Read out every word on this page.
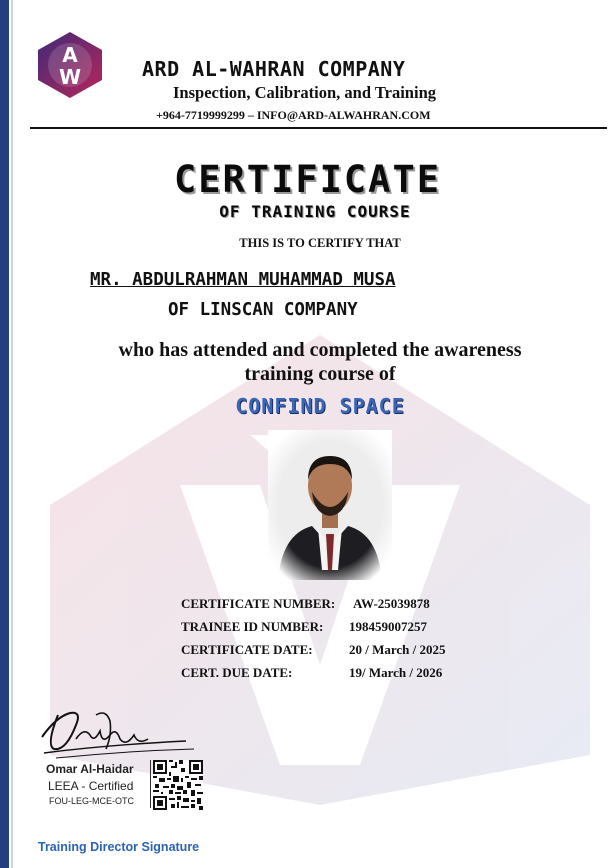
A
W	ARD AL-WAHRAN COMPANY
Inspection, Calibration, and Training
+964-7719999299 – INFO@ARD-ALWAHRAN.COM
CERTIFICATE
OF TRAINING COURSE
THIS IS TO CERTIFY THAT
MR. ABDULRAHMAN MUHAMMAD MUSA
OF LINSCAN COMPANY
who has attended and completed the awareness
training course of
CONFIND SPACE
CERTIFICATE NUMBER: AW-25039878
TRAINEE ID NUMBER: 198459007257
CERTIFICATE DATE:	20 / March / 2025
CERT. DUE DATE:	19/ March / 2026
Omar Al-Haidar
LEEA - Certified
FOU-LEG-MCE-OTC
Training Director Signature
